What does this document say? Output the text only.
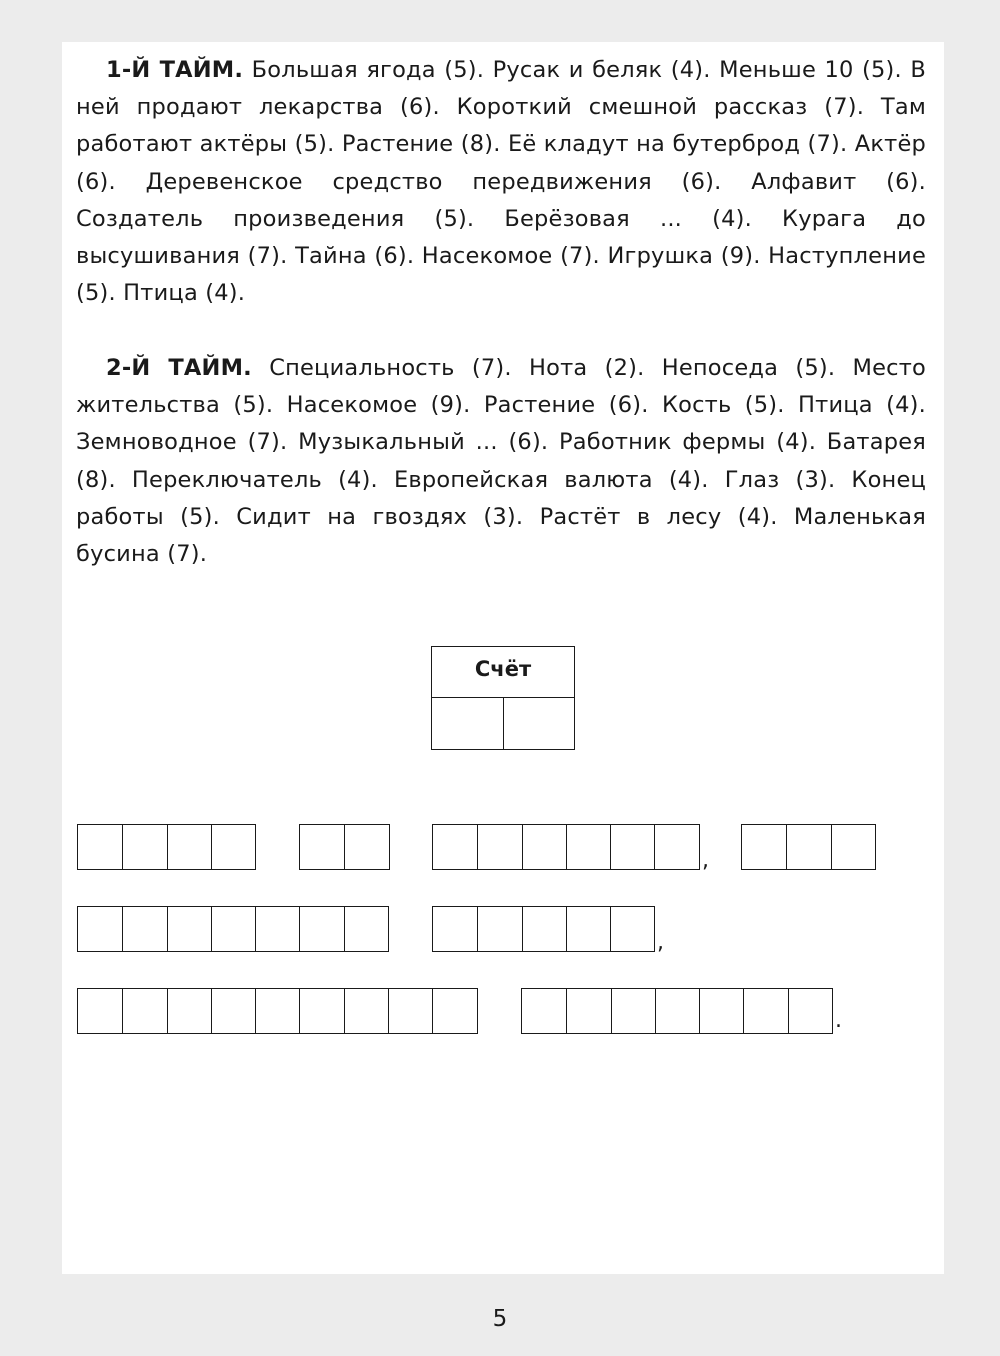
1-Й ТАЙМ. Большая ягода (5). Русак и беляк (4). Меньше 10 (5). В ней продают лекарства (6). Короткий смешной рассказ (7). Там работают актёры (5). Растение (8). Её кладут на бутерброд (7). Актёр (6). Деревенское средство передвижения (6). Алфавит (6). Создатель произведения (5). Берёзовая ... (4). Курага до высушивания (7). Тайна (6). Насекомое (7). Игрушка (9). Наступление (5). Птица (4).

2-Й ТАЙМ. Специальность (7). Нота (2). Непоседа (5). Место жительства (5). Насекомое (9). Растение (6). Кость (5). Птица (4). Земноводное (7). Музыкальный ... (6). Работник фермы (4). Батарея (8). Переключатель (4). Европейская валюта (4). Глаз (3). Конец работы (5). Сидит на гвоздях (3). Растёт в лесу (4). Маленькая бусина (7).

Счёт
,
,
.
5
